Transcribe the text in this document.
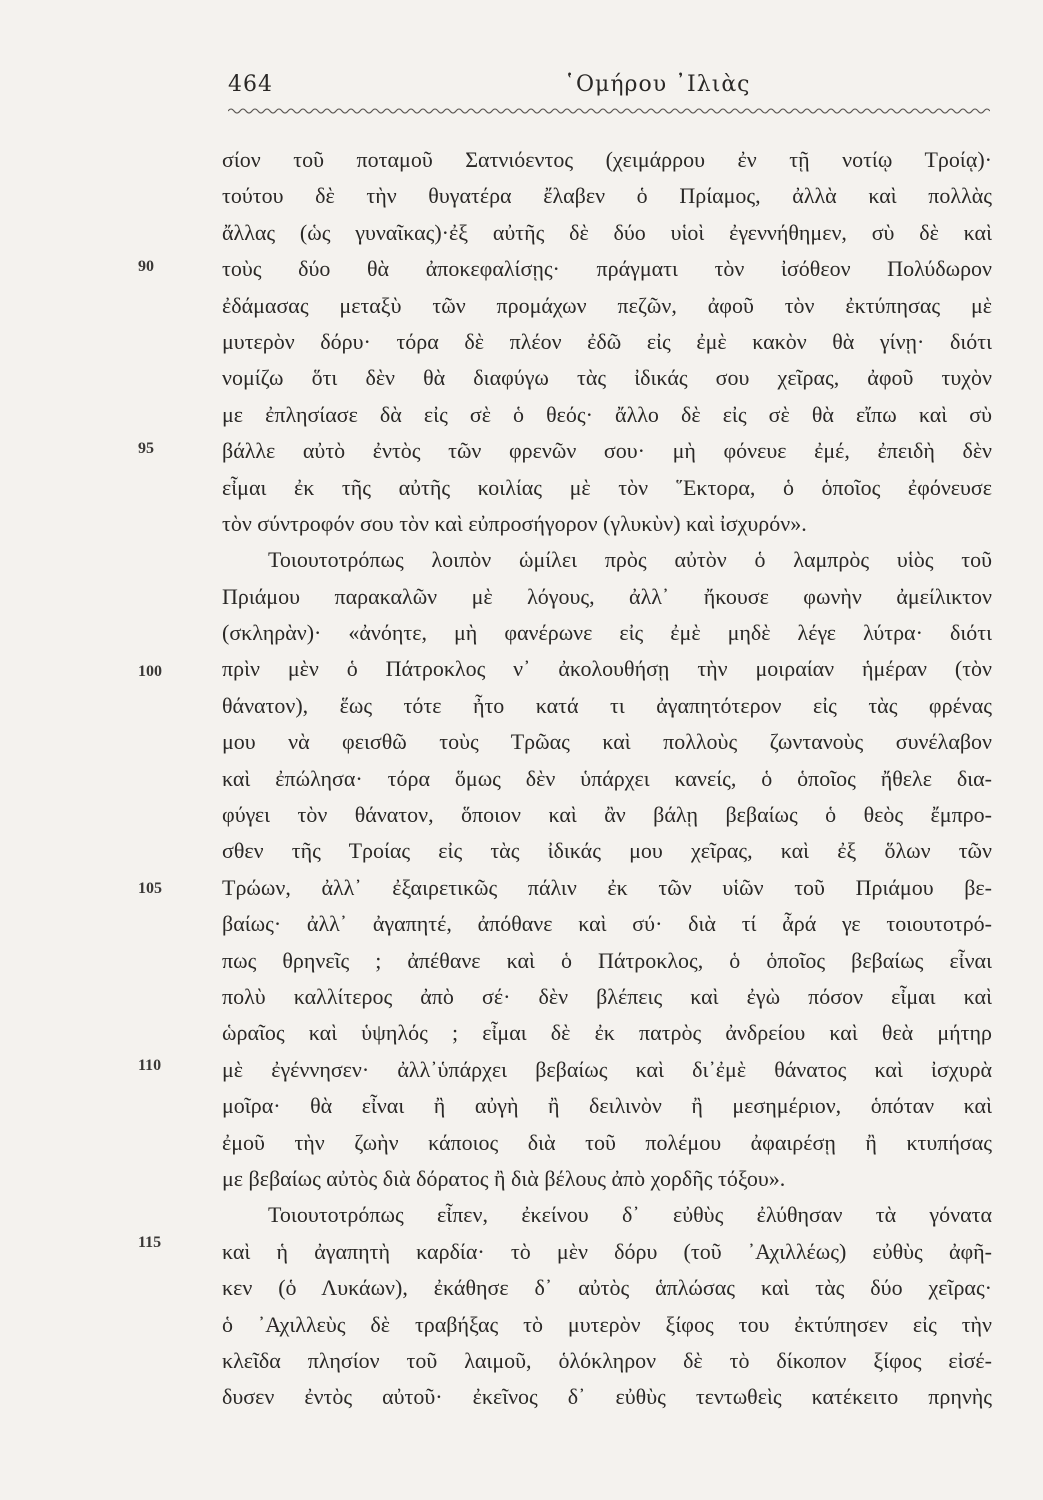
464	῾Ομήρου ᾿Ιλιὰς
90
95
100
105
110
115
σίον τοῦ ποταμοῦ Σατνιόεντος (χειμάρρου ἐν τῇ νοτίῳ Τροίᾳ)·
τούτου δὲ τὴν θυγατέρα ἔλαβεν ὁ Πρίαμος, ἀλλὰ καὶ πολλὰς
ἄλλας (ὡς γυναῖκας)·ἐξ αὐτῆς δὲ δύο υἱοὶ ἐγεννήθημεν, σὺ δὲ καὶ
τοὺς δύο θὰ ἀποκεφαλίσῃς· πράγματι τὸν ἰσόθεον Πολύδωρον
ἐδάμασας μεταξὺ τῶν προμάχων πεζῶν, ἀφοῦ τὸν ἐκτύπησας μὲ
μυτερὸν δόρυ· τόρα δὲ πλέον ἐδῶ εἰς ἐμὲ κακὸν θὰ γίνῃ· διότι
νομίζω ὅτι δὲν θὰ διαφύγω τὰς ἰδικάς σου χεῖρας, ἀφοῦ τυχὸν
με ἐπλησίασε δὰ εἰς σὲ ὁ θεός· ἄλλο δὲ εἰς σὲ θὰ εἴπω καὶ σὺ
βάλλε αὐτὸ ἐντὸς τῶν φρενῶν σου· μὴ φόνευε ἐμέ, ἐπειδὴ δὲν
εἶμαι ἐκ τῆς αὐτῆς κοιλίας μὲ τὸν ῞Εκτορα, ὁ ὁποῖος ἐφόνευσε
τὸν σύντροφόν σου τὸν καὶ εὐπροσήγορον (γλυκὺν) καὶ ἰσχυρόν».
Τοιουτοτρόπως λοιπὸν ὡμίλει πρὸς αὐτὸν ὁ λαμπρὸς υἱὸς τοῦ
Πριάμου παρακαλῶν μὲ λόγους, ἀλλ᾿ ἤκουσε φωνὴν ἀμείλικτον
(σκληρὰν)· «ἀνόητε, μὴ φανέρωνε εἰς ἐμὲ μηδὲ λέγε λύτρα· διότι
πρὶν μὲν ὁ Πάτροκλος ν᾿ ἀκολουθήσῃ τὴν μοιραίαν ἡμέραν (τὸν
θάνατον), ἕως τότε ἦτο κατά τι ἀγαπητότερον εἰς τὰς φρένας
μου νὰ φεισθῶ τοὺς Τρῶας καὶ πολλοὺς ζωντανοὺς συνέλαβον
καὶ ἐπώλησα· τόρα ὅμως δὲν ὑπάρχει κανείς, ὁ ὁποῖος ἤθελε δια-
φύγει τὸν θάνατον, ὅποιον καὶ ἂν βάλῃ βεβαίως ὁ θεὸς ἔμπρο-
σθεν τῆς Τροίας εἰς τὰς ἰδικάς μου χεῖρας, καὶ ἐξ ὅλων τῶν
Τρώων, ἀλλ᾿ ἐξαιρετικῶς πάλιν ἐκ τῶν υἱῶν τοῦ Πριάμου βε-
βαίως· ἀλλ᾿ ἀγαπητέ, ἀπόθανε καὶ σύ· διὰ τί ἆρά γε τοιουτοτρό-
πως θρηνεῖς ; ἀπέθανε καὶ ὁ Πάτροκλος, ὁ ὁποῖος βεβαίως εἶναι
πολὺ καλλίτερος ἀπὸ σέ· δὲν βλέπεις καὶ ἐγὼ πόσον εἶμαι καὶ
ὡραῖος καὶ ὑψηλός ; εἶμαι δὲ ἐκ πατρὸς ἀνδρείου καὶ θεὰ μήτηρ
μὲ ἐγέννησεν· ἀλλ᾿ὑπάρχει βεβαίως καὶ δι᾿ἐμὲ θάνατος καὶ ἰσχυρὰ
μοῖρα· θὰ εἶναι ἢ αὐγὴ ἢ δειλινὸν ἢ μεσημέριον, ὁπόταν καὶ
ἐμοῦ τὴν ζωὴν κάποιος διὰ τοῦ πολέμου ἀφαιρέσῃ ἢ κτυπήσας
με βεβαίως αὐτὸς διὰ δόρατος ἢ διὰ βέλους ἀπὸ χορδῆς τόξου».
Τοιουτοτρόπως εἶπεν, ἐκείνου δ᾿ εὐθὺς ἐλύθησαν τὰ γόνατα
καὶ ἡ ἀγαπητὴ καρδία· τὸ μὲν δόρυ (τοῦ ᾿Αχιλλέως) εὐθὺς ἀφῆ-
κεν (ὁ Λυκάων), ἐκάθησε δ᾿ αὐτὸς ἁπλώσας καὶ τὰς δύο χεῖρας·
ὁ ᾿Αχιλλεὺς δὲ τραβήξας τὸ μυτερὸν ξίφος του ἐκτύπησεν εἰς τὴν
κλεῖδα πλησίον τοῦ λαιμοῦ, ὁλόκληρον δὲ τὸ δίκοπον ξίφος εἰσέ-
δυσεν ἐντὸς αὐτοῦ· ἐκεῖνος δ᾿ εὐθὺς τεντωθεὶς κατέκειτο πρηνὴς
